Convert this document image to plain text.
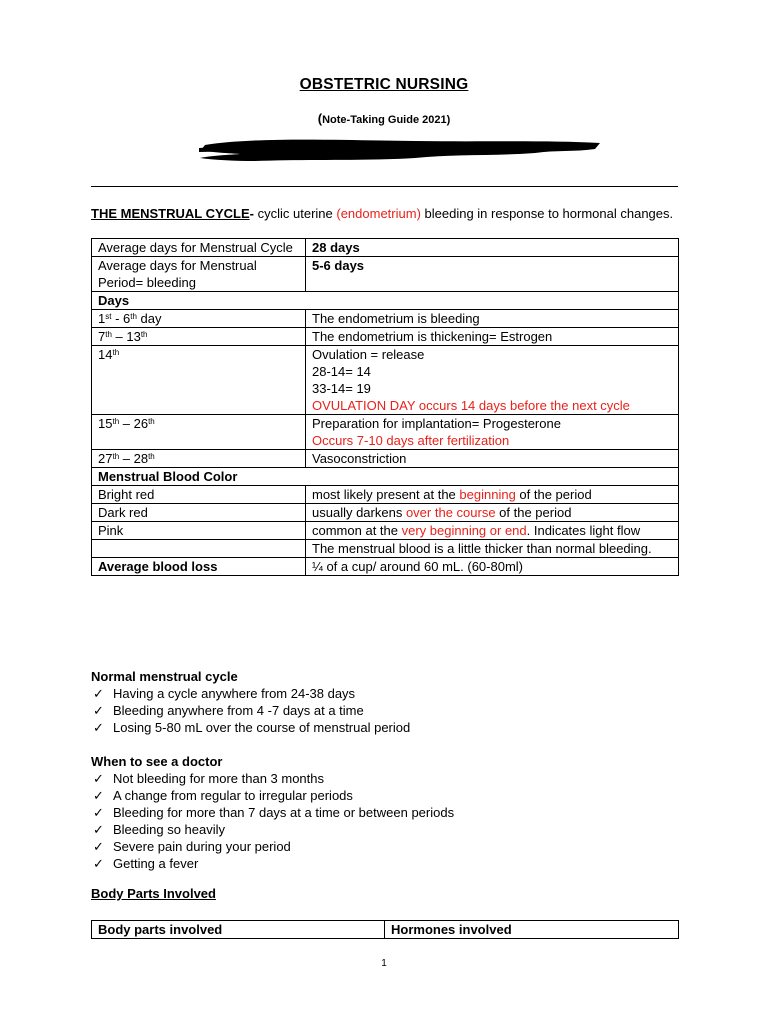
OBSTETRIC NURSING
(Note-Taking Guide 2021)
THE MENSTRUAL CYCLE- cyclic uterine (endometrium) bleeding in response to hormonal changes.
Average days for Menstrual Cycle	28 days
Average days for Menstrual Period= bleeding	5-6 days
Days	
1st - 6th day	The endometrium is bleeding
7th – 13th	The endometrium is thickening= Estrogen
14th	Ovulation = release
28-14= 14
33-14= 19
OVULATION DAY occurs 14 days before the next cycle

15th – 26th	Preparation for implantation= Progesterone
Occurs 7-10 days after fertilization

27th – 28th	Vasoconstriction
Menstrual Blood Color	
Bright red	most likely present at the beginning of the period
Dark red	usually darkens over the course of the period
Pink	common at the very beginning or end. Indicates light flow
	The menstrual blood is a little thicker than normal bleeding.
Average blood loss	¼ of a cup/ around 60 mL. (60-80ml)
Normal menstrual cycle
✓ Having a cycle anywhere from 24-38 days
✓ Bleeding anywhere from 4 -7 days at a time
✓ Losing 5-80 mL over the course of menstrual period
When to see a doctor
✓ Not bleeding for more than 3 months
✓ A change from regular to irregular periods
✓ Bleeding for more than 7 days at a time or between periods
✓ Bleeding so heavily
✓ Severe pain during your period
✓ Getting a fever
Body Parts Involved
Body parts involved	Hormones involved
1
